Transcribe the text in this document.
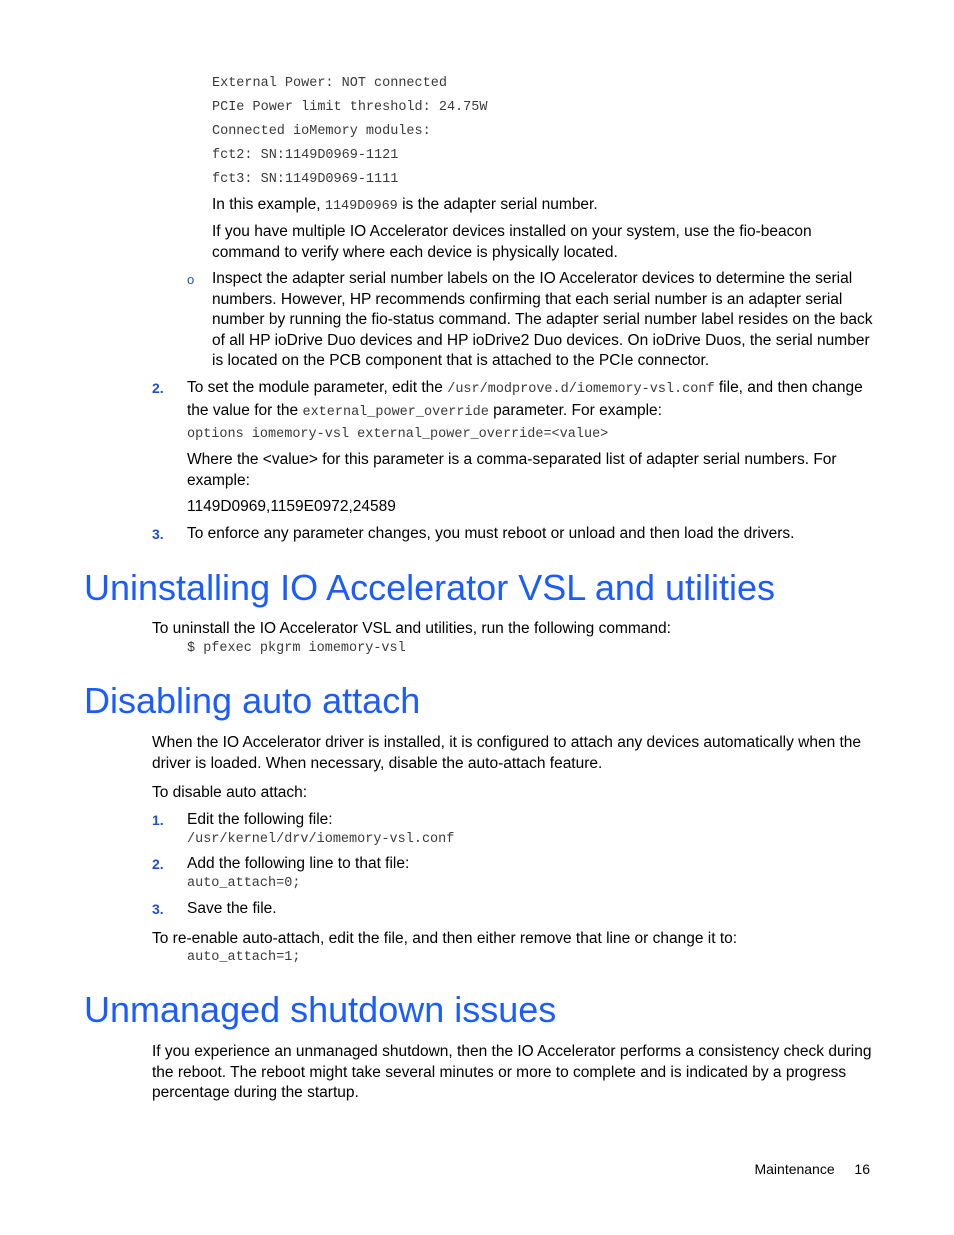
External Power: NOT connected
PCIe Power limit threshold: 24.75W
Connected ioMemory modules:
fct2: SN:1149D0969-1121
fct3: SN:1149D0969-1111
In this example, 1149D0969 is the adapter serial number.
If you have multiple IO Accelerator devices installed on your system, use the fio-beacon command to verify where each device is physically located.
o Inspect the adapter serial number labels on the IO Accelerator devices to determine the serial numbers. However, HP recommends confirming that each serial number is an adapter serial number by running the fio-status command. The adapter serial number label resides on the back of all HP ioDrive Duo devices and HP ioDrive2 Duo devices. On ioDrive Duos, the serial number is located on the PCB component that is attached to the PCIe connector.
2. To set the module parameter, edit the /usr/modprove.d/iomemory-vsl.conf file, and then change the value for the external_power_override parameter. For example:
options iomemory-vsl external_power_override=<value>
Where the <value> for this parameter is a comma-separated list of adapter serial numbers. For example:
1149D0969,1159E0972,24589
3. To enforce any parameter changes, you must reboot or unload and then load the drivers.
Uninstalling IO Accelerator VSL and utilities
To uninstall the IO Accelerator VSL and utilities, run the following command:
$ pfexec pkgrm iomemory-vsl
Disabling auto attach
When the IO Accelerator driver is installed, it is configured to attach any devices automatically when the driver is loaded. When necessary, disable the auto-attach feature.
To disable auto attach:
1. Edit the following file:
/usr/kernel/drv/iomemory-vsl.conf
2. Add the following line to that file:
auto_attach=0;
3. Save the file.
To re-enable auto-attach, edit the file, and then either remove that line or change it to:
auto_attach=1;
Unmanaged shutdown issues
If you experience an unmanaged shutdown, then the IO Accelerator performs a consistency check during the reboot. The reboot might take several minutes or more to complete and is indicated by a progress percentage during the startup.
Maintenance 16
